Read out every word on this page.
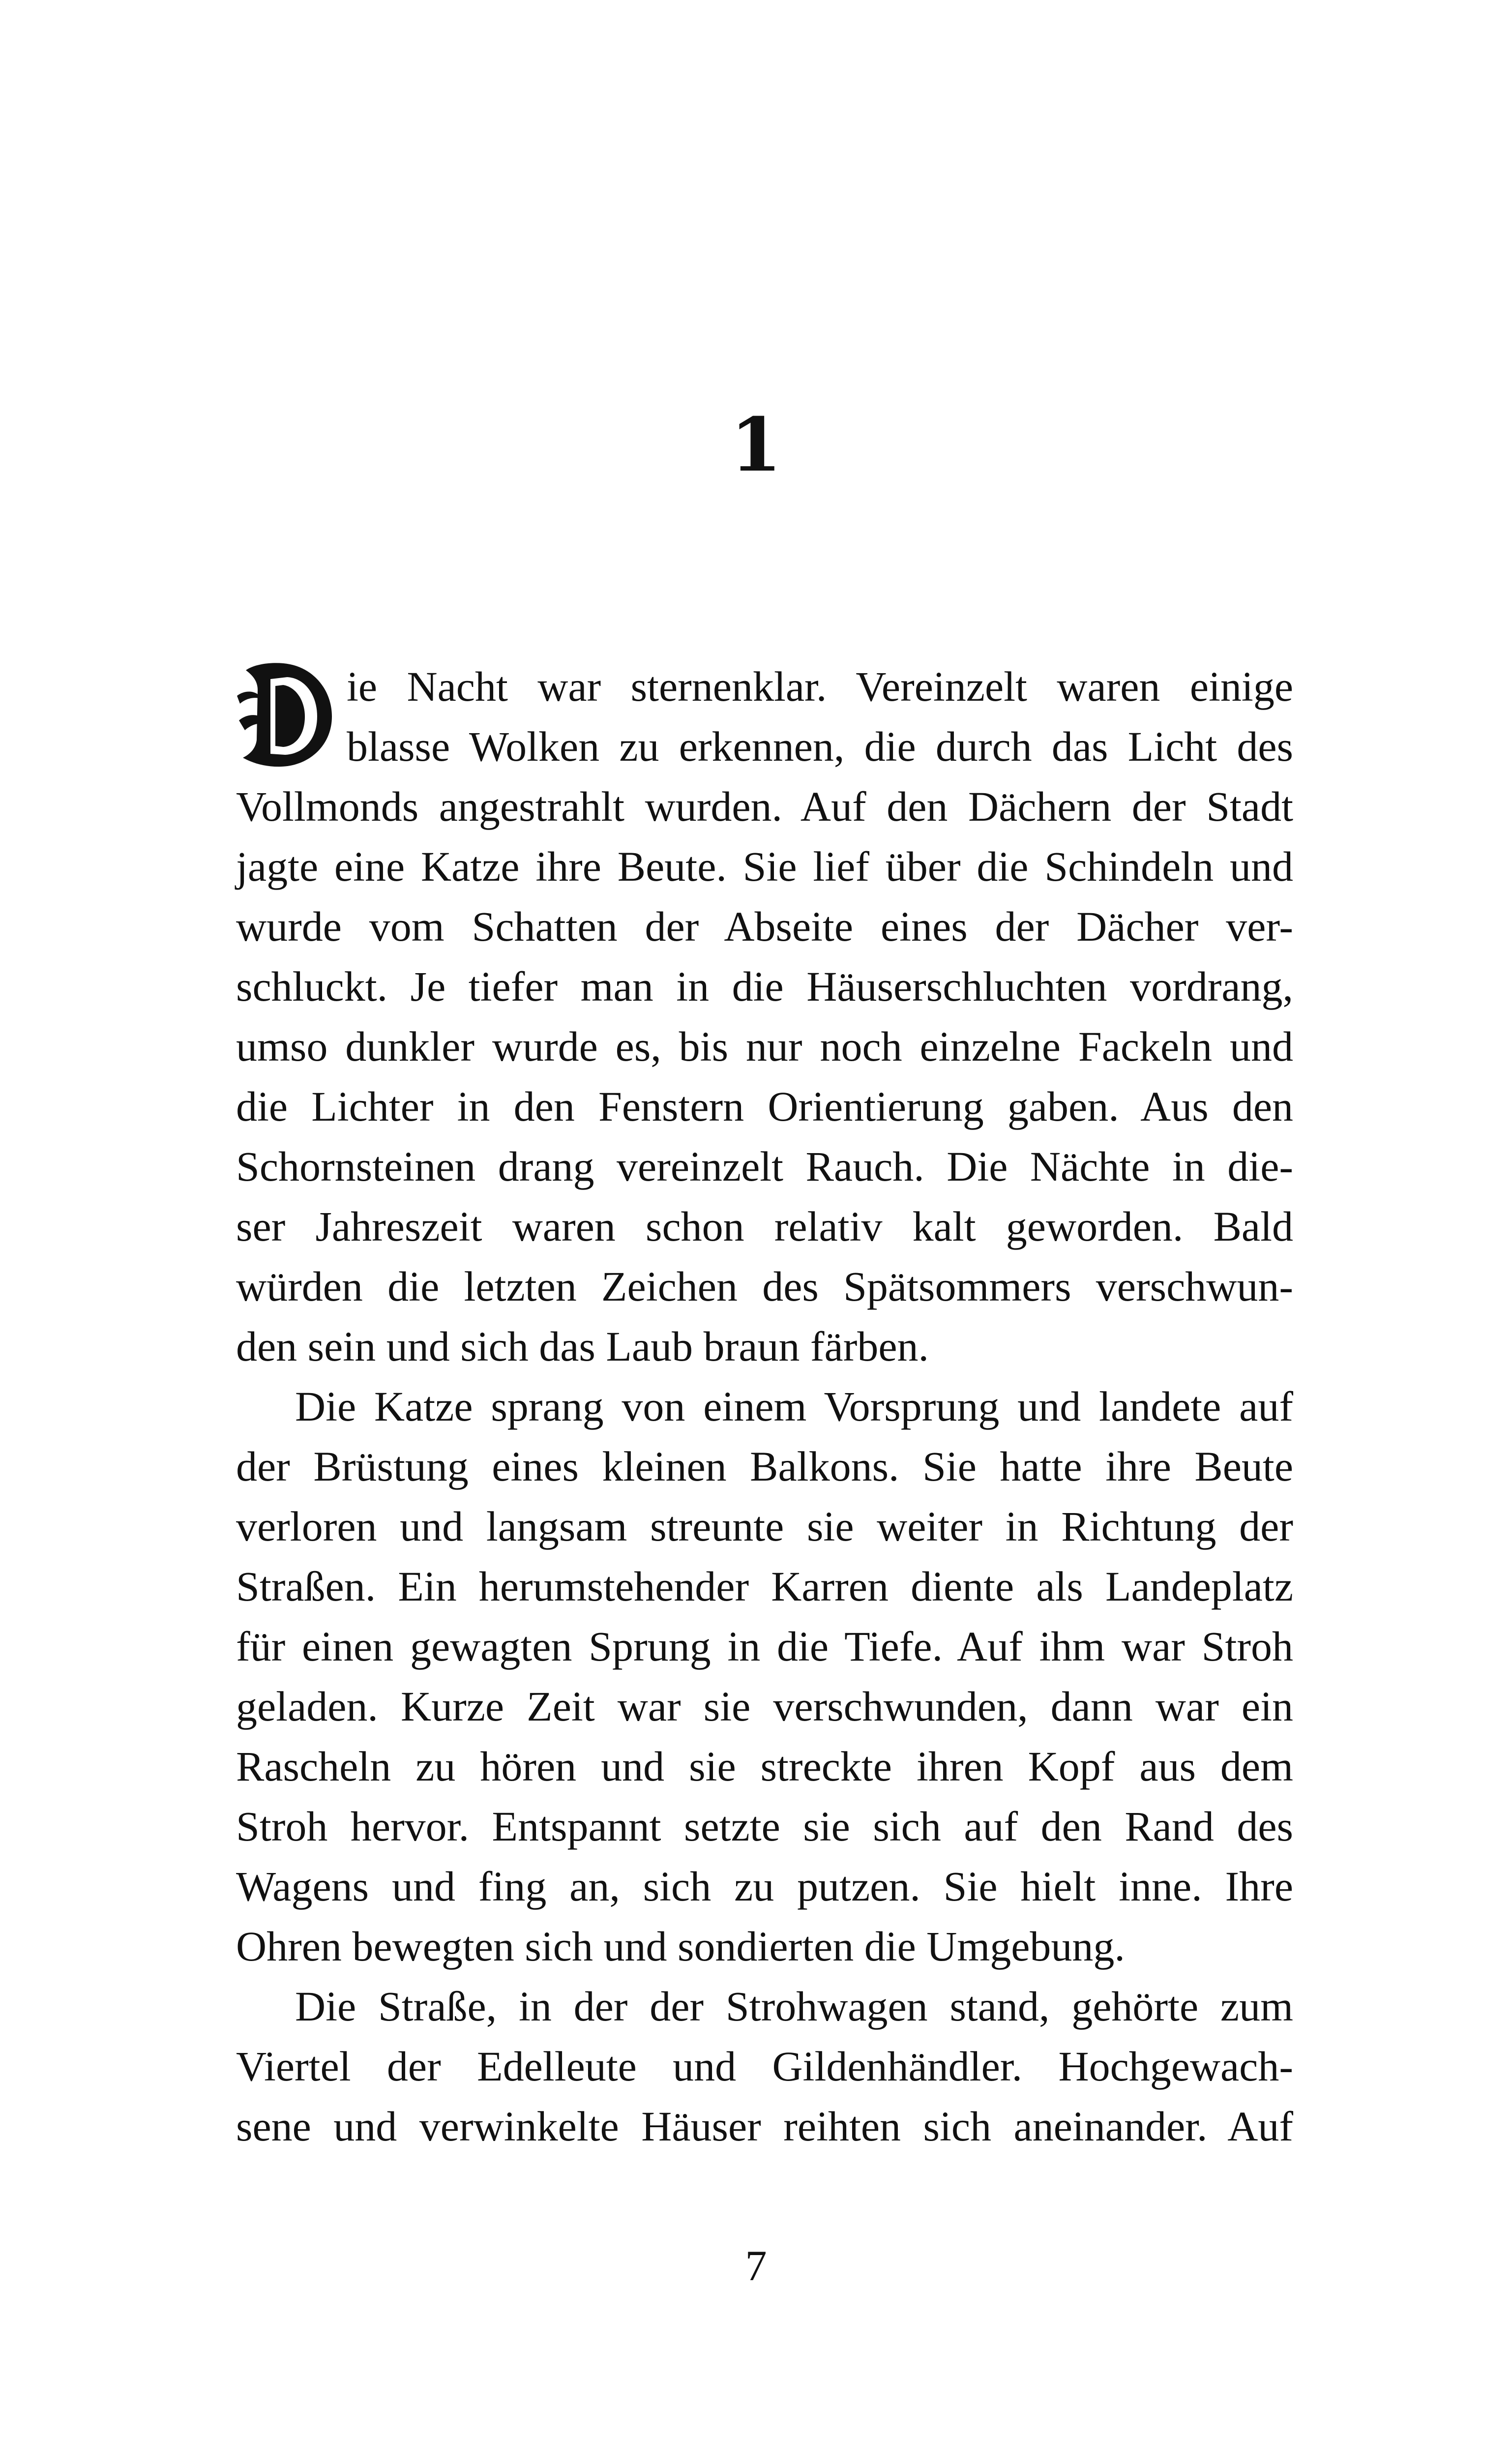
1

ie Nacht war sternenklar. Vereinzelt waren einige

blasse Wolken zu erkennen, die durch das Licht des

Vollmonds angestrahlt wurden. Auf den Dächern der Stadt

jagte eine Katze ihre Beute. Sie lief über die Schindeln und

wurde vom Schatten der Abseite eines der Dächer ver-

schluckt. Je tiefer man in die Häuserschluchten vordrang,

umso dunkler wurde es, bis nur noch einzelne Fackeln und

die Lichter in den Fenstern Orientierung gaben. Aus den

Schornsteinen drang vereinzelt Rauch. Die Nächte in die-

ser Jahreszeit waren schon relativ kalt geworden. Bald

würden die letzten Zeichen des Spätsommers verschwun-

den sein und sich das Laub braun färben.

Die Katze sprang von einem Vorsprung und landete auf

der Brüstung eines kleinen Balkons. Sie hatte ihre Beute

verloren und langsam streunte sie weiter in Richtung der

Straßen. Ein herumstehender Karren diente als Landeplatz

für einen gewagten Sprung in die Tiefe. Auf ihm war Stroh

geladen. Kurze Zeit war sie verschwunden, dann war ein

Rascheln zu hören und sie streckte ihren Kopf aus dem

Stroh hervor. Entspannt setzte sie sich auf den Rand des

Wagens und fing an, sich zu putzen. Sie hielt inne. Ihre

Ohren bewegten sich und sondierten die Umgebung.

Die Straße, in der der Strohwagen stand, gehörte zum

Viertel der Edelleute und Gildenhändler. Hochgewach-

sene und verwinkelte Häuser reihten sich aneinander. Auf

7
